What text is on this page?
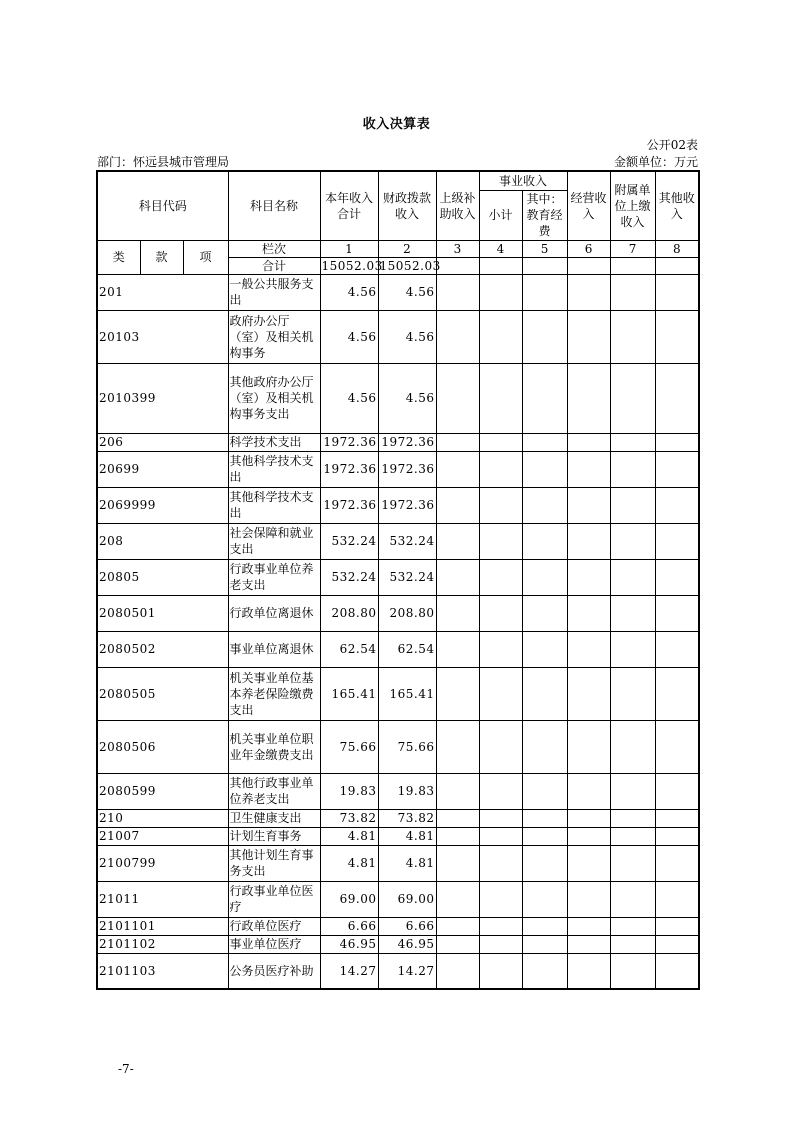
收入决算表
公开02表
部门：怀远县城市管理局	金额单位：万元
科目代码			科目名称	本年收入合计	财政拨款收入	上级补助收入	事业收入		经营收入	附属单位上缴收入	其他收入
							小计	其中：教育经费			

类	款	项	栏次	1	2	3	4	5	6	7	8
			合计	15052.03	15052.03						
201			一般公共服务支出	4.56	4.56						
20103			政府办公厅（室）及相关机构事务	4.56	4.56						
2010399			其他政府办公厅（室）及相关机构事务支出	4.56	4.56						
206			科学技术支出	1972.36	1972.36						
20699			其他科学技术支出	1972.36	1972.36						
2069999			其他科学技术支出	1972.36	1972.36						
208			社会保障和就业支出	532.24	532.24						
20805			行政事业单位养老支出	532.24	532.24						
2080501			行政单位离退休	208.80	208.80						
2080502			事业单位离退休	62.54	62.54						
2080505			机关事业单位基本养老保险缴费支出	165.41	165.41						
2080506			机关事业单位职业年金缴费支出	75.66	75.66						
2080599			其他行政事业单位养老支出	19.83	19.83						
210			卫生健康支出	73.82	73.82						
21007			计划生育事务	4.81	4.81						
2100799			其他计划生育事务支出	4.81	4.81						
21011			行政事业单位医疗	69.00	69.00						
2101101			行政单位医疗	6.66	6.66						
2101102			事业单位医疗	46.95	46.95						
2101103			公务员医疗补助	14.27	14.27						
-7-
